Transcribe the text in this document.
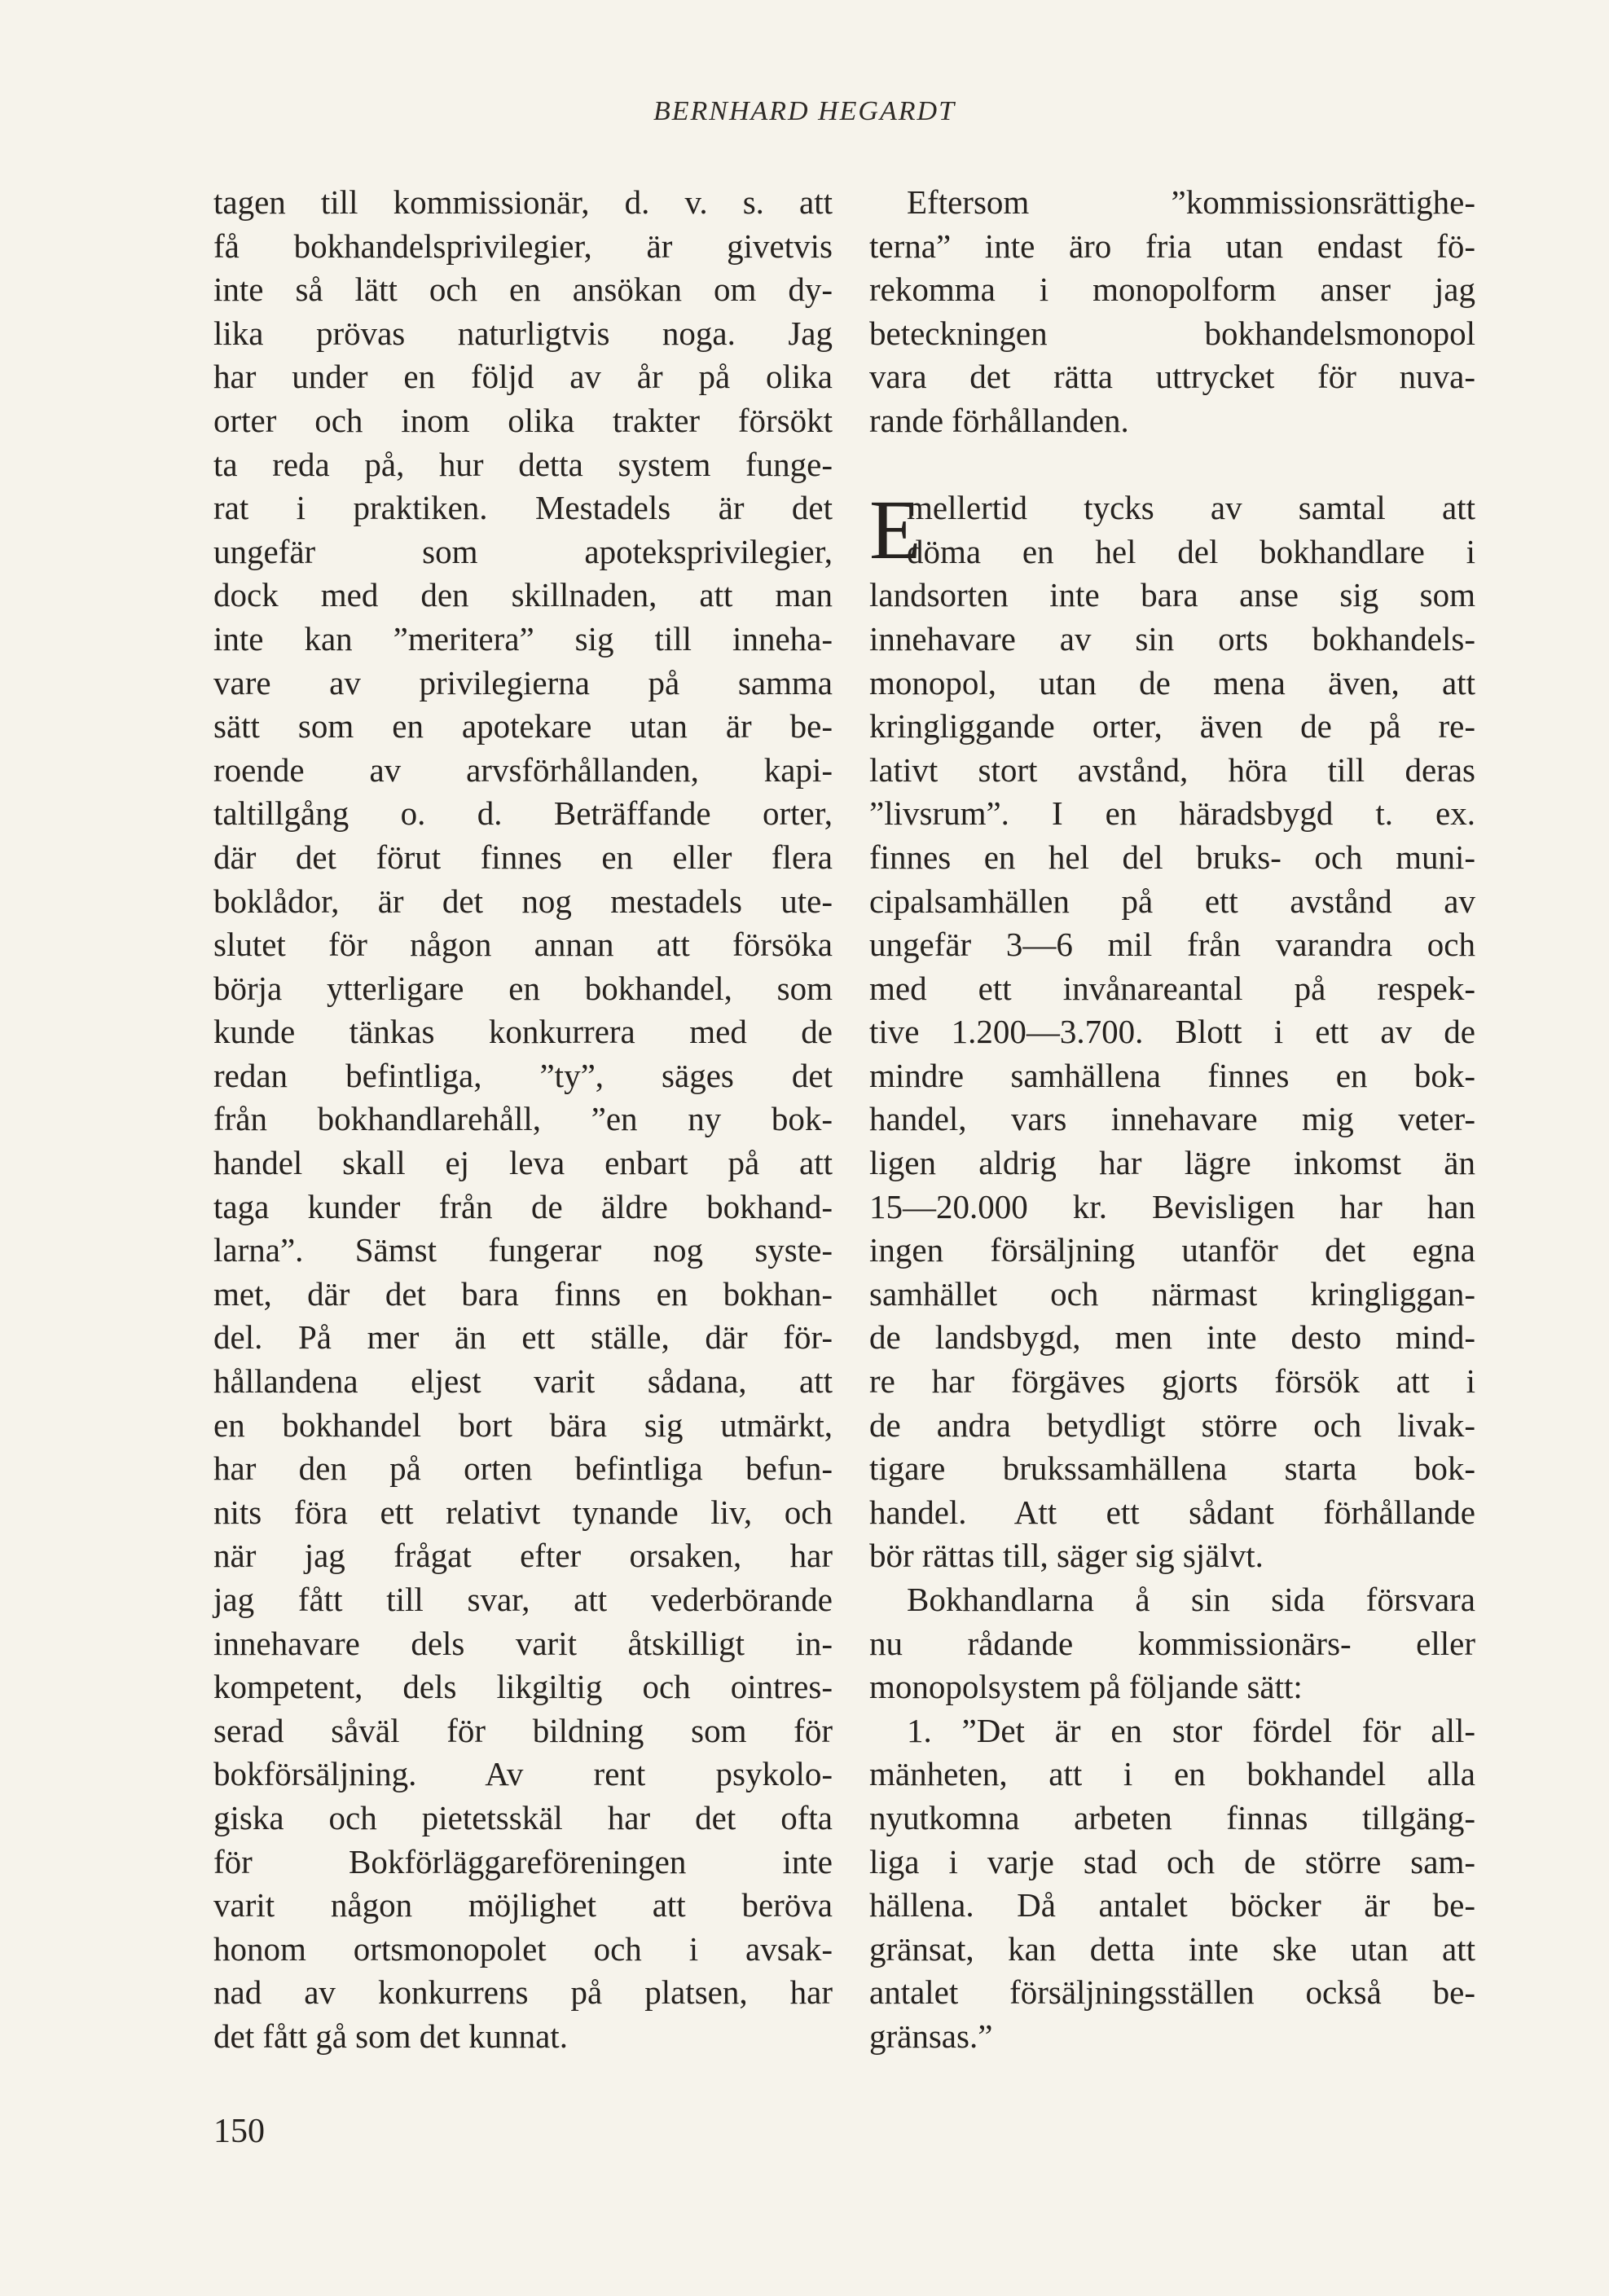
BERNHARD HEGARDT
tagen till kommissionär, d. v. s. att
få bokhandelsprivilegier, är givetvis
inte så lätt och en ansökan om dy-
lika prövas naturligtvis noga. Jag
har under en följd av år på olika
orter och inom olika trakter försökt
ta reda på, hur detta system funge-
rat i praktiken. Mestadels är det
ungefär som apoteksprivilegier,
dock med den skillnaden, att man
inte kan ”meritera” sig till inneha-
vare av privilegierna på samma
sätt som en apotekare utan är be-
roende av arvsförhållanden, kapi-
taltillgång o. d. Beträffande orter,
där det förut finnes en eller flera
boklådor, är det nog mestadels ute-
slutet för någon annan att försöka
börja ytterligare en bokhandel, som
kunde tänkas konkurrera med de
redan befintliga, ”ty”, säges det
från bokhandlarehåll, ”en ny bok-
handel skall ej leva enbart på att
taga kunder från de äldre bokhand-
larna”. Sämst fungerar nog syste-
met, där det bara finns en bokhan-
del. På mer än ett ställe, där för-
hållandena eljest varit sådana, att
en bokhandel bort bära sig utmärkt,
har den på orten befintliga befun-
nits föra ett relativt tynande liv, och
när jag frågat efter orsaken, har
jag fått till svar, att vederbörande
innehavare dels varit åtskilligt in-
kompetent, dels likgiltig och ointres-
serad såväl för bildning som för
bokförsäljning. Av rent psykolo-
giska och pietetsskäl har det ofta
för Bokförläggareföreningen inte
varit någon möjlighet att beröva
honom ortsmonopolet och i avsak-
nad av konkurrens på platsen, har
det fått gå som det kunnat.
Eftersom ”kommissionsrättighe-
terna” inte äro fria utan endast fö-
rekomma i monopolform anser jag
beteckningen bokhandelsmonopol
vara det rätta uttrycket för nuva-
rande förhållanden.
E
mellertid tycks av samtal att
döma en hel del bokhandlare i
landsorten inte bara anse sig som
innehavare av sin orts bokhandels-
monopol, utan de mena även, att
kringliggande orter, även de på re-
lativt stort avstånd, höra till deras
”livsrum”. I en häradsbygd t. ex.
finnes en hel del bruks- och muni-
cipalsamhällen på ett avstånd av
ungefär 3—6 mil från varandra och
med ett invånareantal på respek-
tive 1.200—3.700. Blott i ett av de
mindre samhällena finnes en bok-
handel, vars innehavare mig veter-
ligen aldrig har lägre inkomst än
15—20.000 kr. Bevisligen har han
ingen försäljning utanför det egna
samhället och närmast kringliggan-
de landsbygd, men inte desto mind-
re har förgäves gjorts försök att i
de andra betydligt större och livak-
tigare brukssamhällena starta bok-
handel. Att ett sådant förhållande
bör rättas till, säger sig självt.
Bokhandlarna å sin sida försvara
nu rådande kommissionärs- eller
monopolsystem på följande sätt:
1. ”Det är en stor fördel för all-
mänheten, att i en bokhandel alla
nyutkomna arbeten finnas tillgäng-
liga i varje stad och de större sam-
hällena. Då antalet böcker är be-
gränsat, kan detta inte ske utan att
antalet försäljningsställen också be-
gränsas.”
150
